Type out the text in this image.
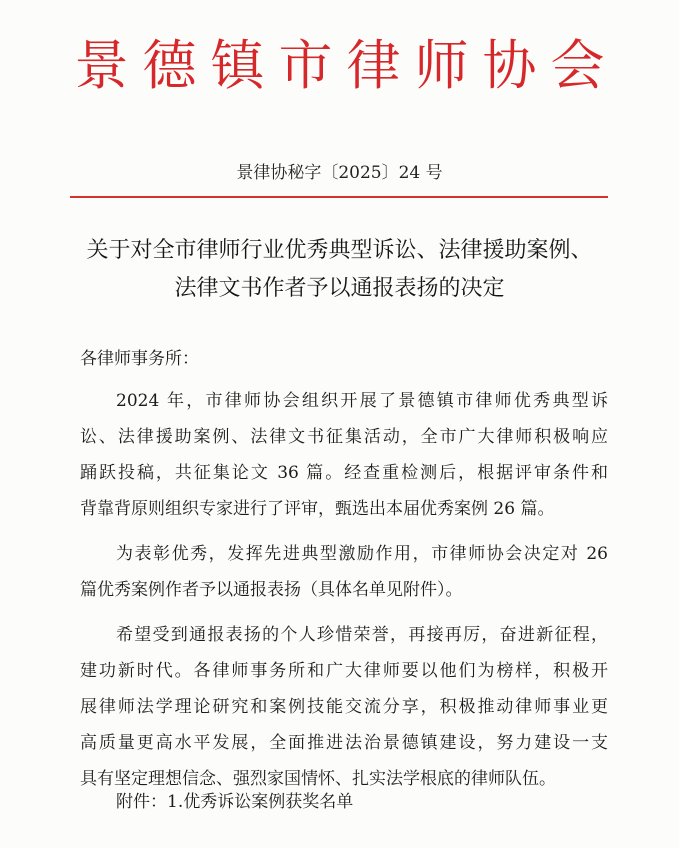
景德镇市律师协会
景律协秘字〔2025〕24 号
关于对全市律师行业优秀典型诉讼、法律援助案例、
法律文书作者予以通报表扬的决定
各律师事务所：
2024 年，市律师协会组织开展了景德镇市律师优秀典型诉
讼、法律援助案例、法律文书征集活动，全市广大律师积极响应
踊跃投稿，共征集论文 36 篇。经查重检测后，根据评审条件和
背靠背原则组织专家进行了评审，甄选出本届优秀案例 26 篇。
为表彰优秀，发挥先进典型激励作用，市律师协会决定对 26
篇优秀案例作者予以通报表扬（具体名单见附件）。
希望受到通报表扬的个人珍惜荣誉，再接再厉，奋进新征程，
建功新时代。各律师事务所和广大律师要以他们为榜样，积极开
展律师法学理论研究和案例技能交流分享，积极推动律师事业更
高质量更高水平发展，全面推进法治景德镇建设，努力建设一支
具有坚定理想信念、强烈家国情怀、扎实法学根底的律师队伍。
附件：1.优秀诉讼案例获奖名单
